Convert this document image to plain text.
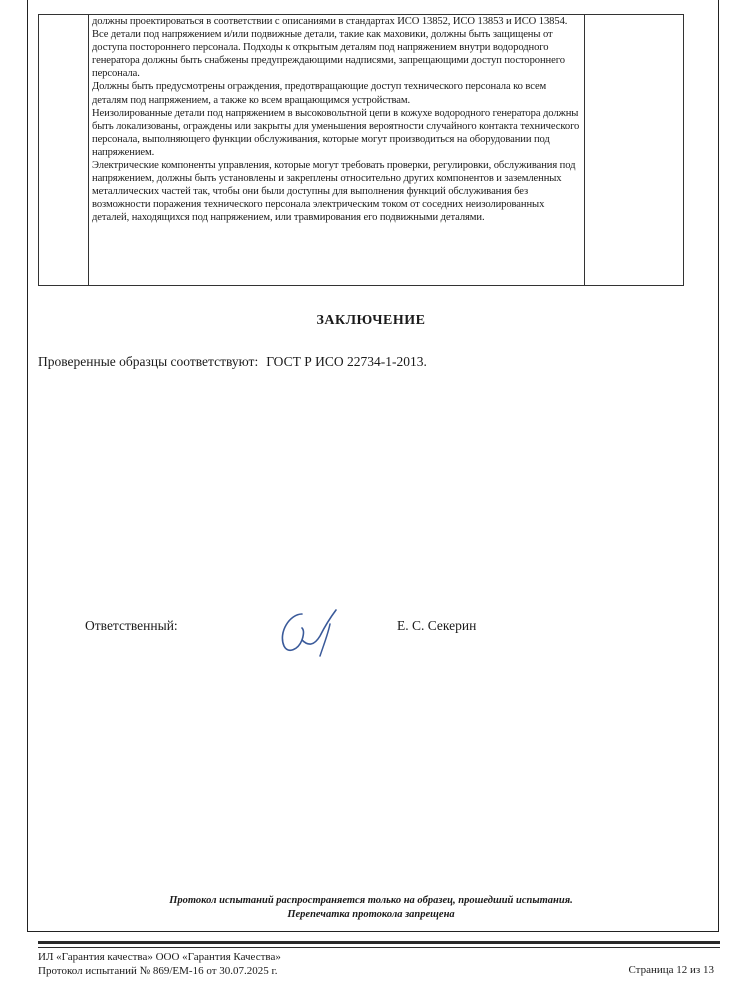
должны проектироваться в соответствии с описаниями в стандартах ИСО 13852, ИСО 13853 и ИСО 13854.

Все детали под напряжением и/или подвижные детали, такие как маховики, должны быть защищены от доступа постороннего персонала. Подходы к открытым деталям под напряжением внутри водородного генератора должны быть снабжены предупреждающими надписями, запрещающими доступ постороннего персонала.

Должны быть предусмотрены ограждения, предотвращающие доступ технического персонала ко всем деталям под напряжением, а также ко всем вращающимся устройствам.

Неизолированные детали под напряжением в высоковольтной цепи в кожухе водородного генератора должны быть локализованы, ограждены или закрыты для уменьшения вероятности случайного контакта технического персонала, выполняющего функции обслуживания, которые могут производиться на оборудовании под напряжением.

Электрические компоненты управления, которые могут требовать проверки, регулировки, обслуживания под напряжением, должны быть установлены и закреплены относительно других компонентов и заземленных металлических частей так, чтобы они были доступны для выполнения функций обслуживания без возможности поражения технического персонала электрическим током от соседних неизолированных деталей, находящихся под напряжением, или травмирования его подвижными деталями.

ЗАКЛЮЧЕНИЕ
Проверенные образцы соответствуют: ГОСТ Р ИСО 22734-1-2013.
Ответственный:	Е. С. Секерин
Протокол испытаний распространяется только на образец, прошедший испытания.
Перепечатка протокола запрещена
ИЛ «Гарантия качества» ООО «Гарантия Качества»
Протокол испытаний № 869/ЕМ-16 от 30.07.2025 г.	Страница 12 из 13
